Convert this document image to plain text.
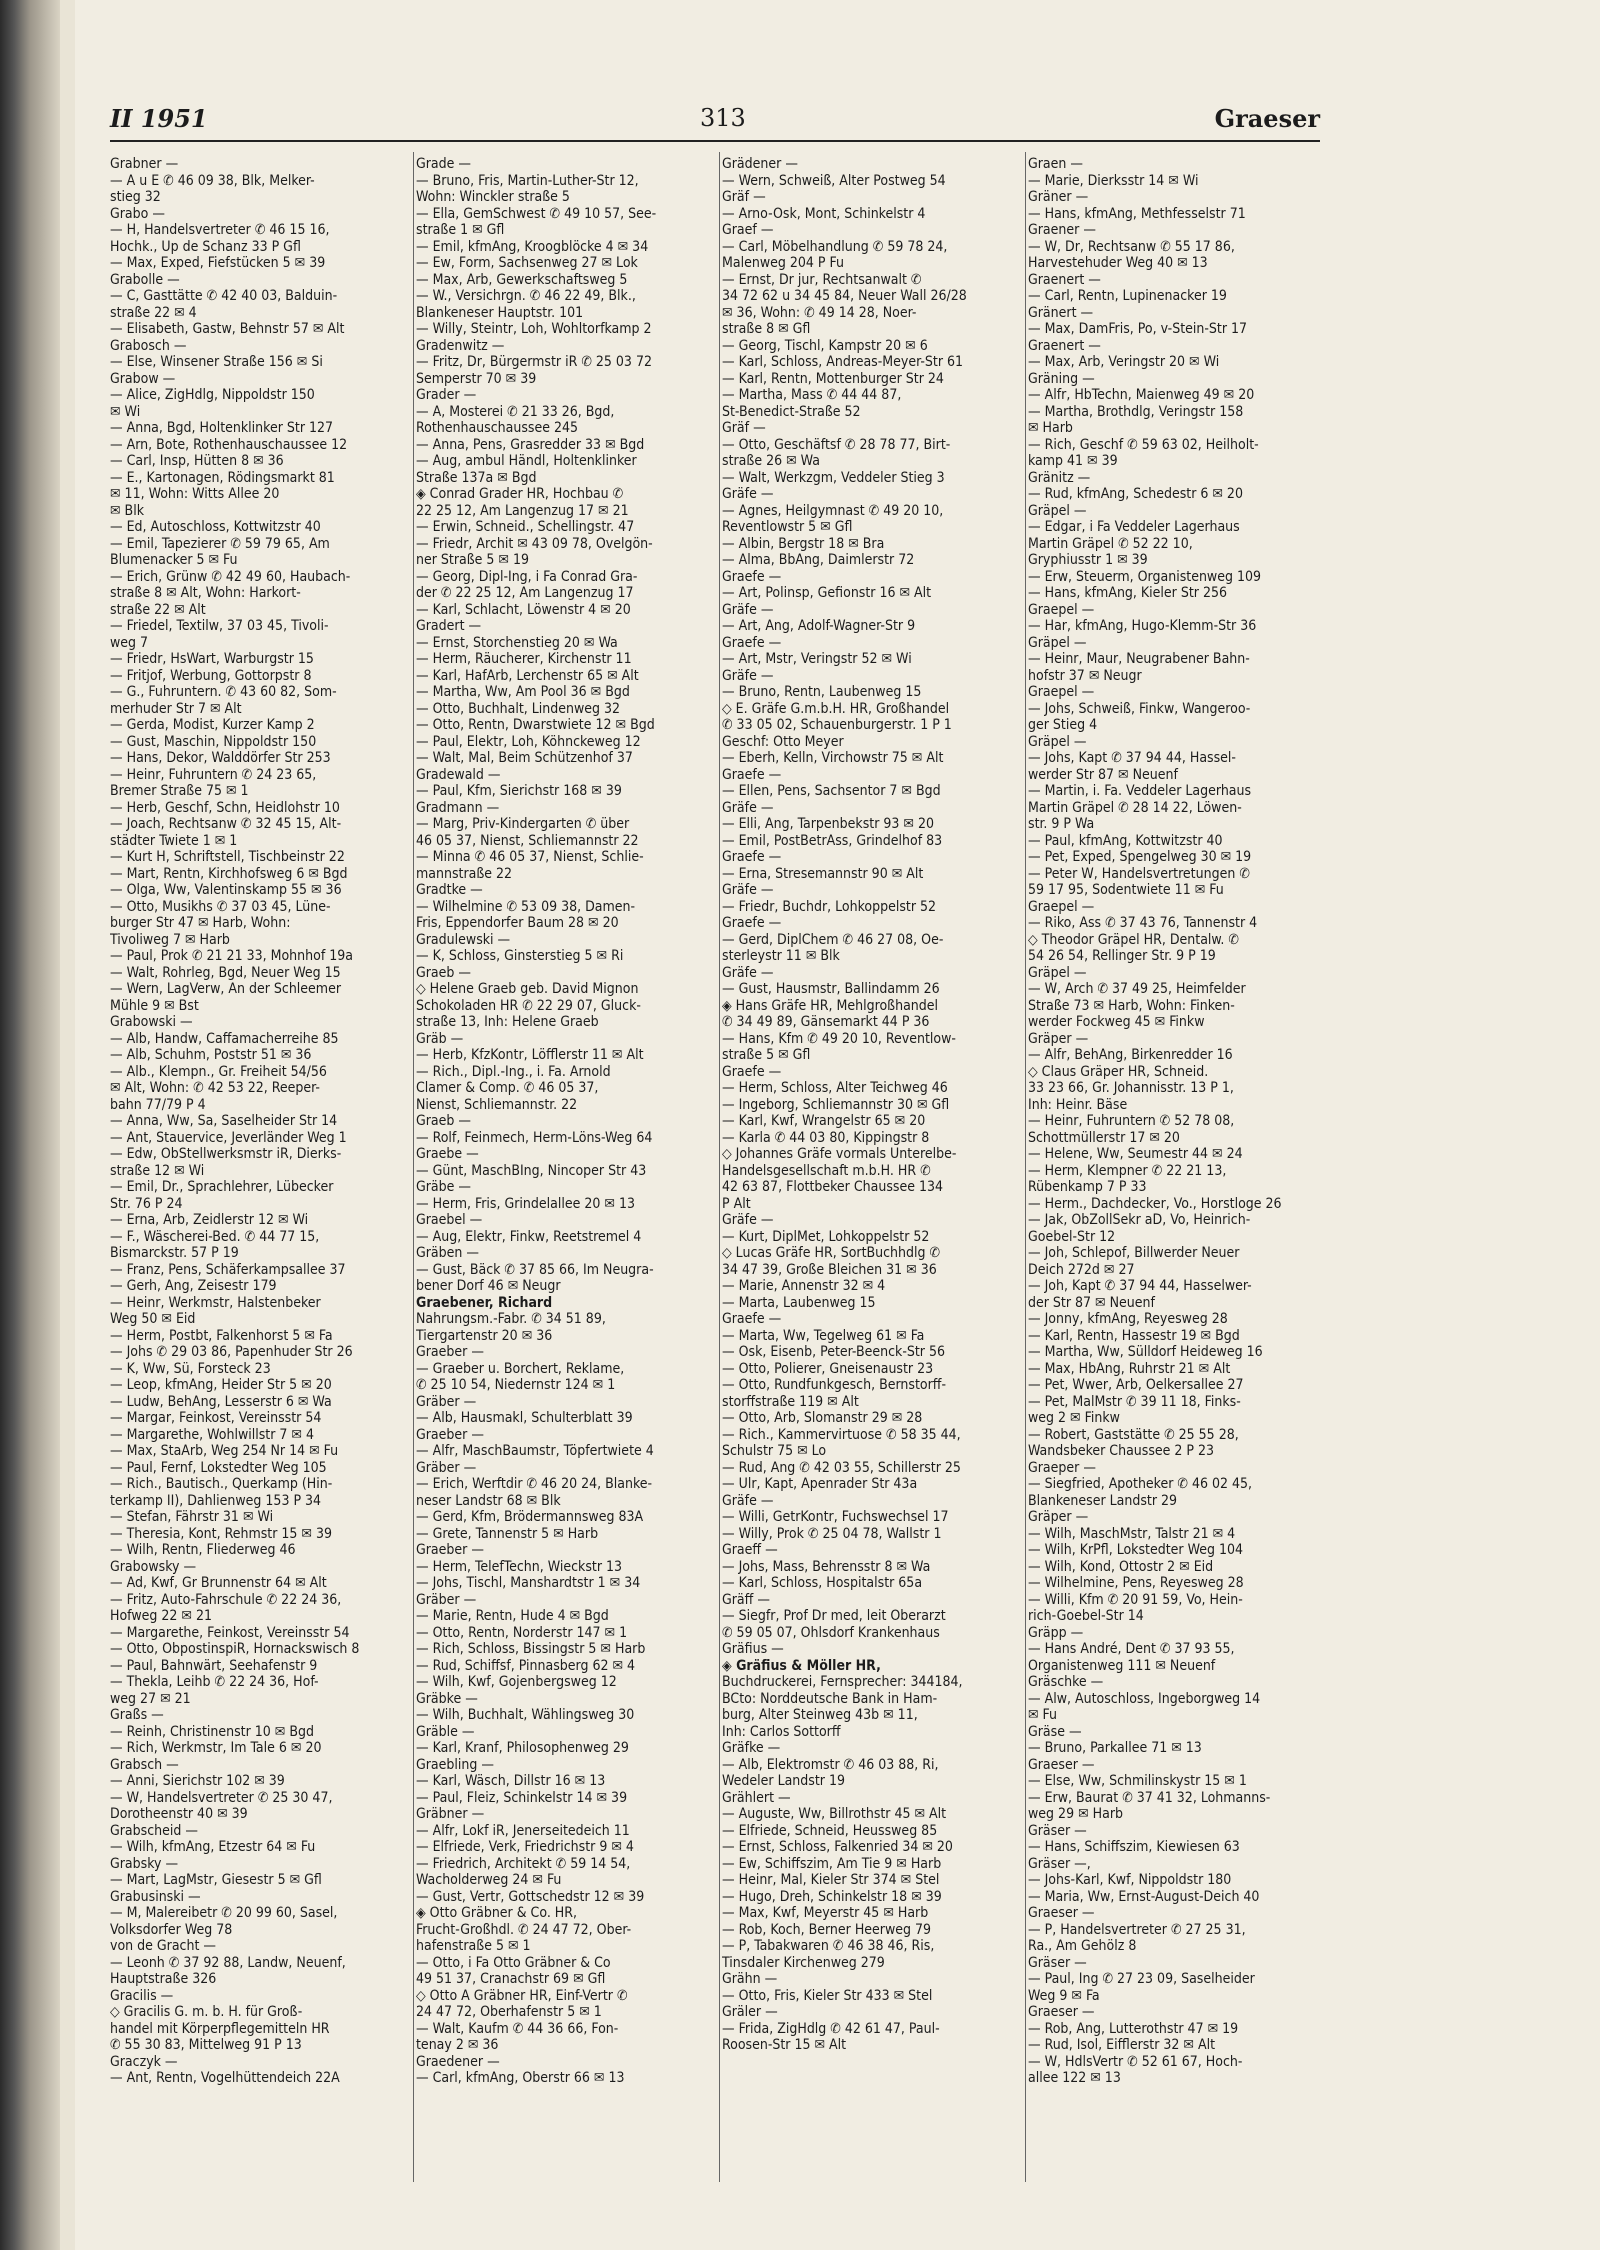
II 1951	313	Graeser
Grabner —
— A u E ✆ 46 09 38, Blk, Melker-
stieg 32
Grabo —
— H, Handelsvertreter ✆ 46 15 16,
Hochk., Up de Schanz 33 P Gfl
— Max, Exped, Fiefstücken 5 ✉ 39
Grabolle —
— C, Gasttätte ✆ 42 40 03, Balduin-
straße 22 ✉ 4
— Elisabeth, Gastw, Behnstr 57 ✉ Alt
Grabosch —
— Else, Winsener Straße 156 ✉ Si
Grabow —
— Alice, ZigHdlg, Nippoldstr 150
✉ Wi
— Anna, Bgd, Holtenklinker Str 127
— Arn, Bote, Rothenhauschaussee 12
— Carl, Insp, Hütten 8 ✉ 36
— E., Kartonagen, Rödingsmarkt 81
✉ 11, Wohn: Witts Allee 20
✉ Blk
— Ed, Autoschloss, Kottwitzstr 40
— Emil, Tapezierer ✆ 59 79 65, Am
Blumenacker 5 ✉ Fu
— Erich, Grünw ✆ 42 49 60, Haubach-
straße 8 ✉ Alt, Wohn: Harkort-
straße 22 ✉ Alt
— Friedel, Textilw, 37 03 45, Tivoli-
weg 7
— Friedr, HsWart, Warburgstr 15
— Fritjof, Werbung, Gottorpstr 8
— G., Fuhruntern. ✆ 43 60 82, Som-
merhuder Str 7 ✉ Alt
— Gerda, Modist, Kurzer Kamp 2
— Gust, Maschin, Nippoldstr 150
— Hans, Dekor, Walddörfer Str 253
— Heinr, Fuhruntern ✆ 24 23 65,
Bremer Straße 75 ✉ 1
— Herb, Geschf, Schn, Heidlohstr 10
— Joach, Rechtsanw ✆ 32 45 15, Alt-
städter Twiete 1 ✉ 1
— Kurt H, Schriftstell, Tischbeinstr 22
— Mart, Rentn, Kirchhofsweg 6 ✉ Bgd
— Olga, Ww, Valentinskamp 55 ✉ 36
— Otto, Musikhs ✆ 37 03 45, Lüne-
burger Str 47 ✉ Harb, Wohn:
Tivoliweg 7 ✉ Harb
— Paul, Prok ✆ 21 21 33, Mohnhof 19a
— Walt, Rohrleg, Bgd, Neuer Weg 15
— Wern, LagVerw, An der Schleemer
Mühle 9 ✉ Bst
Grabowski —
— Alb, Handw, Caffamacherreihe 85
— Alb, Schuhm, Poststr 51 ✉ 36
— Alb., Klempn., Gr. Freiheit 54/56
✉ Alt, Wohn: ✆ 42 53 22, Reeper-
bahn 77/79 P 4
— Anna, Ww, Sa, Saselheider Str 14
— Ant, Stauervice, Jeverländer Weg 1
— Edw, ObStellwerksmstr iR, Dierks-
straße 12 ✉ Wi
— Emil, Dr., Sprachlehrer, Lübecker
Str. 76 P 24
— Erna, Arb, Zeidlerstr 12 ✉ Wi
— F., Wäscherei-Bed. ✆ 44 77 15,
Bismarckstr. 57 P 19
— Franz, Pens, Schäferkampsallee 37
— Gerh, Ang, Zeisestr 179
— Heinr, Werkmstr, Halstenbeker
Weg 50 ✉ Eid
— Herm, Postbt, Falkenhorst 5 ✉ Fa
— Johs ✆ 29 03 86, Papenhuder Str 26
— K, Ww, Sü, Forsteck 23
— Leop, kfmAng, Heider Str 5 ✉ 20
— Ludw, BehAng, Lesserstr 6 ✉ Wa
— Margar, Feinkost, Vereinsstr 54
— Margarethe, Wohlwillstr 7 ✉ 4
— Max, StaArb, Weg 254 Nr 14 ✉ Fu
— Paul, Fernf, Lokstedter Weg 105
— Rich., Bautisch., Querkamp (Hin-
terkamp II), Dahlienweg 153 P 34
— Stefan, Fährstr 31 ✉ Wi
— Theresia, Kont, Rehmstr 15 ✉ 39
— Wilh, Rentn, Fliederweg 46
Grabowsky —
— Ad, Kwf, Gr Brunnenstr 64 ✉ Alt
— Fritz, Auto-Fahrschule ✆ 22 24 36,
Hofweg 22 ✉ 21
— Margarethe, Feinkost, Vereinsstr 54
— Otto, ObpostinspiR, Hornackswisch 8
— Paul, Bahnwärt, Seehafenstr 9
— Thekla, Leihb ✆ 22 24 36, Hof-
weg 27 ✉ 21
Graßs —
— Reinh, Christinenstr 10 ✉ Bgd
— Rich, Werkmstr, Im Tale 6 ✉ 20
Grabsch —
— Anni, Sierichstr 102 ✉ 39
— W, Handelsvertreter ✆ 25 30 47,
Dorotheenstr 40 ✉ 39
Grabscheid —
— Wilh, kfmAng, Etzestr 64 ✉ Fu
Grabsky —
— Mart, LagMstr, Giesestr 5 ✉ Gfl
Grabusinski —
— M, Malereibetr ✆ 20 99 60, Sasel,
Volksdorfer Weg 78
von de Gracht —
— Leonh ✆ 37 92 88, Landw, Neuenf,
Hauptstraße 326
Gracilis —
◇ Gracilis G. m. b. H. für Groß-
handel mit Körperpflegemitteln HR
✆ 55 30 83, Mittelweg 91 P 13
Graczyk —
— Ant, Rentn, Vogelhüttendeich 22A
Grade —
— Bruno, Fris, Martin-Luther-Str 12,
Wohn: Winckler straße 5
— Ella, GemSchwest ✆ 49 10 57, See-
straße 1 ✉ Gfl
— Emil, kfmAng, Kroogblöcke 4 ✉ 34
— Ew, Form, Sachsenweg 27 ✉ Lok
— Max, Arb, Gewerkschaftsweg 5
— W., Versichrgn. ✆ 46 22 49, Blk.,
Blankeneser Hauptstr. 101
— Willy, Steintr, Loh, Wohltorfkamp 2
Gradenwitz —
— Fritz, Dr, Bürgermstr iR ✆ 25 03 72
Semperstr 70 ✉ 39
Grader —
— A, Mosterei ✆ 21 33 26, Bgd,
Rothenhauschaussee 245
— Anna, Pens, Grasredder 33 ✉ Bgd
— Aug, ambul Händl, Holtenklinker
Straße 137a ✉ Bgd
◈ Conrad Grader HR, Hochbau ✆
22 25 12, Am Langenzug 17 ✉ 21
— Erwin, Schneid., Schellingstr. 47
— Friedr, Archit ✉ 43 09 78, Ovelgön-
ner Straße 5 ✉ 19
— Georg, Dipl-Ing, i Fa Conrad Gra-
der ✆ 22 25 12, Am Langenzug 17
— Karl, Schlacht, Löwenstr 4 ✉ 20
Gradert —
— Ernst, Storchenstieg 20 ✉ Wa
— Herm, Räucherer, Kirchenstr 11
— Karl, HafArb, Lerchenstr 65 ✉ Alt
— Martha, Ww, Am Pool 36 ✉ Bgd
— Otto, Buchhalt, Lindenweg 32
— Otto, Rentn, Dwarstwiete 12 ✉ Bgd
— Paul, Elektr, Loh, Köhnckeweg 12
— Walt, Mal, Beim Schützenhof 37
Gradewald —
— Paul, Kfm, Sierichstr 168 ✉ 39
Gradmann —
— Marg, Priv-Kindergarten ✆ über
46 05 37, Nienst, Schliemannstr 22
— Minna ✆ 46 05 37, Nienst, Schlie-
mannstraße 22
Gradtke —
— Wilhelmine ✆ 53 09 38, Damen-
Fris, Eppendorfer Baum 28 ✉ 20
Gradulewski —
— K, Schloss, Ginsterstieg 5 ✉ Ri
Graeb —
◇ Helene Graeb geb. David Mignon
Schokoladen HR ✆ 22 29 07, Gluck-
straße 13, Inh: Helene Graeb
Gräb —
— Herb, KfzKontr, Löfflerstr 11 ✉ Alt
— Rich., Dipl.-Ing., i. Fa. Arnold
Clamer & Comp. ✆ 46 05 37,
Nienst, Schliemannstr. 22
Graeb —
— Rolf, Feinmech, Herm-Löns-Weg 64
Graebe —
— Günt, MaschBIng, Nincoper Str 43
Gräbe —
— Herm, Fris, Grindelallee 20 ✉ 13
Graebel —
— Aug, Elektr, Finkw, Reetstremel 4
Gräben —
— Gust, Bäck ✆ 37 85 66, Im Neugra-
bener Dorf 46 ✉ Neugr
Graebener, Richard
Nahrungsm.-Fabr. ✆ 34 51 89,
Tiergartenstr 20 ✉ 36
Graeber —
— Graeber u. Borchert, Reklame,
✆ 25 10 54, Niedernstr 124 ✉ 1
Gräber —
— Alb, Hausmakl, Schulterblatt 39
Graeber —
— Alfr, MaschBaumstr, Töpfertwiete 4
Gräber —
— Erich, Werftdir ✆ 46 20 24, Blanke-
neser Landstr 68 ✉ Blk
— Gerd, Kfm, Brödermannsweg 83A
— Grete, Tannenstr 5 ✉ Harb
Graeber —
— Herm, TelefTechn, Wieckstr 13
— Johs, Tischl, Manshardtstr 1 ✉ 34
Gräber —
— Marie, Rentn, Hude 4 ✉ Bgd
— Otto, Rentn, Norderstr 147 ✉ 1
— Rich, Schloss, Bissingstr 5 ✉ Harb
— Rud, Schiffsf, Pinnasberg 62 ✉ 4
— Wilh, Kwf, Gojenbergsweg 12
Gräbke —
— Wilh, Buchhalt, Wählingsweg 30
Gräble —
— Karl, Kranf, Philosophenweg 29
Graebling —
— Karl, Wäsch, Dillstr 16 ✉ 13
— Paul, Fleiz, Schinkelstr 14 ✉ 39
Gräbner —
— Alfr, Lokf iR, Jenerseitedeich 11
— Elfriede, Verk, Friedrichstr 9 ✉ 4
— Friedrich, Architekt ✆ 59 14 54,
Wacholderweg 24 ✉ Fu
— Gust, Vertr, Gottschedstr 12 ✉ 39
◈ Otto Gräbner & Co. HR,
Frucht-Großhdl. ✆ 24 47 72, Ober-
hafenstraße 5 ✉ 1
— Otto, i Fa Otto Gräbner & Co
49 51 37, Cranachstr 69 ✉ Gfl
◇ Otto A Gräbner HR, Einf-Vertr ✆
24 47 72, Oberhafenstr 5 ✉ 1
— Walt, Kaufm ✆ 44 36 66, Fon-
tenay 2 ✉ 36
Graedener —
— Carl, kfmAng, Oberstr 66 ✉ 13
Grädener —
— Wern, Schweiß, Alter Postweg 54
Gräf —
— Arno-Osk, Mont, Schinkelstr 4
Graef —
— Carl, Möbelhandlung ✆ 59 78 24,
Malenweg 204 P Fu
— Ernst, Dr jur, Rechtsanwalt ✆
34 72 62 u 34 45 84, Neuer Wall 26/28
✉ 36, Wohn: ✆ 49 14 28, Noer-
straße 8 ✉ Gfl
— Georg, Tischl, Kampstr 20 ✉ 6
— Karl, Schloss, Andreas-Meyer-Str 61
— Karl, Rentn, Mottenburger Str 24
— Martha, Mass ✆ 44 44 87,
St-Benedict-Straße 52
Gräf —
— Otto, Geschäftsf ✆ 28 78 77, Birt-
straße 26 ✉ Wa
— Walt, Werkzgm, Veddeler Stieg 3
Gräfe —
— Agnes, Heilgymnast ✆ 49 20 10,
Reventlowstr 5 ✉ Gfl
— Albin, Bergstr 18 ✉ Bra
— Alma, BbAng, Daimlerstr 72
Graefe —
— Art, Polinsp, Gefionstr 16 ✉ Alt
Gräfe —
— Art, Ang, Adolf-Wagner-Str 9
Graefe —
— Art, Mstr, Veringstr 52 ✉ Wi
Gräfe —
— Bruno, Rentn, Laubenweg 15
◇ E. Gräfe G.m.b.H. HR, Großhandel
✆ 33 05 02, Schauenburgerstr. 1 P 1
Geschf: Otto Meyer
— Eberh, Kelln, Virchowstr 75 ✉ Alt
Graefe —
— Ellen, Pens, Sachsentor 7 ✉ Bgd
Gräfe —
— Elli, Ang, Tarpenbekstr 93 ✉ 20
— Emil, PostBetrAss, Grindelhof 83
Graefe —
— Erna, Stresemannstr 90 ✉ Alt
Gräfe —
— Friedr, Buchdr, Lohkoppelstr 52
Graefe —
— Gerd, DiplChem ✆ 46 27 08, Oe-
sterleystr 11 ✉ Blk
Gräfe —
— Gust, Hausmstr, Ballindamm 26
◈ Hans Gräfe HR, Mehlgroßhandel
✆ 34 49 89, Gänsemarkt 44 P 36
— Hans, Kfm ✆ 49 20 10, Reventlow-
straße 5 ✉ Gfl
Graefe —
— Herm, Schloss, Alter Teichweg 46
— Ingeborg, Schliemannstr 30 ✉ Gfl
— Karl, Kwf, Wrangelstr 65 ✉ 20
— Karla ✆ 44 03 80, Kippingstr 8
◇ Johannes Gräfe vormals Unterelbe-
Handelsgesellschaft m.b.H. HR ✆
42 63 87, Flottbeker Chaussee 134
P Alt
Gräfe —
— Kurt, DiplMet, Lohkoppelstr 52
◇ Lucas Gräfe HR, SortBuchhdlg ✆
34 47 39, Große Bleichen 31 ✉ 36
— Marie, Annenstr 32 ✉ 4
— Marta, Laubenweg 15
Graefe —
— Marta, Ww, Tegelweg 61 ✉ Fa
— Osk, Eisenb, Peter-Beenck-Str 56
— Otto, Polierer, Gneisenaustr 23
— Otto, Rundfunkgesch, Bernstorff-
storffstraße 119 ✉ Alt
— Otto, Arb, Slomanstr 29 ✉ 28
— Rich., Kammervirtuose ✆ 58 35 44,
Schulstr 75 ✉ Lo
— Rud, Ang ✆ 42 03 55, Schillerstr 25
— Ulr, Kapt, Apenrader Str 43a
Gräfe —
— Willi, GetrKontr, Fuchswechsel 17
— Willy, Prok ✆ 25 04 78, Wallstr 1
Graeff —
— Johs, Mass, Behrensstr 8 ✉ Wa
— Karl, Schloss, Hospitalstr 65a
Gräff —
— Siegfr, Prof Dr med, leit Oberarzt
✆ 59 05 07, Ohlsdorf Krankenhaus
Gräfius —
◈ Gräfius & Möller HR,
Buchdruckerei, Fernsprecher: 344184,
BCto: Norddeutsche Bank in Ham-
burg, Alter Steinweg 43b ✉ 11,
Inh: Carlos Sottorff
Gräfke —
— Alb, Elektromstr ✆ 46 03 88, Ri,
Wedeler Landstr 19
Grählert —
— Auguste, Ww, Billrothstr 45 ✉ Alt
— Elfriede, Schneid, Heussweg 85
— Ernst, Schloss, Falkenried 34 ✉ 20
— Ew, Schiffszim, Am Tie 9 ✉ Harb
— Heinr, Mal, Kieler Str 374 ✉ Stel
— Hugo, Dreh, Schinkelstr 18 ✉ 39
— Max, Kwf, Meyerstr 45 ✉ Harb
— Rob, Koch, Berner Heerweg 79
— P, Tabakwaren ✆ 46 38 46, Ris,
Tinsdaler Kirchenweg 279
Grähn —
— Otto, Fris, Kieler Str 433 ✉ Stel
Gräler —
— Frida, ZigHdlg ✆ 42 61 47, Paul-
Roosen-Str 15 ✉ Alt
Graen —
— Marie, Dierksstr 14 ✉ Wi
Gräner —
— Hans, kfmAng, Methfesselstr 71
Graener —
— W, Dr, Rechtsanw ✆ 55 17 86,
Harvestehuder Weg 40 ✉ 13
Graenert —
— Carl, Rentn, Lupinenacker 19
Gränert —
— Max, DamFris, Po, v-Stein-Str 17
Graenert —
— Max, Arb, Veringstr 20 ✉ Wi
Gräning —
— Alfr, HbTechn, Maienweg 49 ✉ 20
— Martha, Brothdlg, Veringstr 158
✉ Harb
— Rich, Geschf ✆ 59 63 02, Heilholt-
kamp 41 ✉ 39
Gränitz —
— Rud, kfmAng, Schedestr 6 ✉ 20
Gräpel —
— Edgar, i Fa Veddeler Lagerhaus
Martin Gräpel ✆ 52 22 10,
Gryphiusstr 1 ✉ 39
— Erw, Steuerm, Organistenweg 109
— Hans, kfmAng, Kieler Str 256
Graepel —
— Har, kfmAng, Hugo-Klemm-Str 36
Gräpel —
— Heinr, Maur, Neugrabener Bahn-
hofstr 37 ✉ Neugr
Graepel —
— Johs, Schweiß, Finkw, Wangeroo-
ger Stieg 4
Gräpel —
— Johs, Kapt ✆ 37 94 44, Hassel-
werder Str 87 ✉ Neuenf
— Martin, i. Fa. Veddeler Lagerhaus
Martin Gräpel ✆ 28 14 22, Löwen-
str. 9 P Wa
— Paul, kfmAng, Kottwitzstr 40
— Pet, Exped, Spengelweg 30 ✉ 19
— Peter W, Handelsvertretungen ✆
59 17 95, Sodentwiete 11 ✉ Fu
Graepel —
— Riko, Ass ✆ 37 43 76, Tannenstr 4
◇ Theodor Gräpel HR, Dentalw. ✆
54 26 54, Rellinger Str. 9 P 19
Gräpel —
— W, Arch ✆ 37 49 25, Heimfelder
Straße 73 ✉ Harb, Wohn: Finken-
werder Fockweg 45 ✉ Finkw
Gräper —
— Alfr, BehAng, Birkenredder 16
◇ Claus Gräper HR, Schneid.
33 23 66, Gr. Johannisstr. 13 P 1,
Inh: Heinr. Bäse
— Heinr, Fuhruntern ✆ 52 78 08,
Schottmüllerstr 17 ✉ 20
— Helene, Ww, Seumestr 44 ✉ 24
— Herm, Klempner ✆ 22 21 13,
Rübenkamp 7 P 33
— Herm., Dachdecker, Vo., Horstloge 26
— Jak, ObZollSekr aD, Vo, Heinrich-
Goebel-Str 12
— Joh, Schlepof, Billwerder Neuer
Deich 272d ✉ 27
— Joh, Kapt ✆ 37 94 44, Hasselwer-
der Str 87 ✉ Neuenf
— Jonny, kfmAng, Reyesweg 28
— Karl, Rentn, Hassestr 19 ✉ Bgd
— Martha, Ww, Sülldorf Heideweg 16
— Max, HbAng, Ruhrstr 21 ✉ Alt
— Pet, Wwer, Arb, Oelkersallee 27
— Pet, MalMstr ✆ 39 11 18, Finks-
weg 2 ✉ Finkw
— Robert, Gaststätte ✆ 25 55 28,
Wandsbeker Chaussee 2 P 23
Graeper —
— Siegfried, Apotheker ✆ 46 02 45,
Blankeneser Landstr 29
Gräper —
— Wilh, MaschMstr, Talstr 21 ✉ 4
— Wilh, KrPfl, Lokstedter Weg 104
— Wilh, Kond, Ottostr 2 ✉ Eid
— Wilhelmine, Pens, Reyesweg 28
— Willi, Kfm ✆ 20 91 59, Vo, Hein-
rich-Goebel-Str 14
Gräpp —
— Hans André, Dent ✆ 37 93 55,
Organistenweg 111 ✉ Neuenf
Gräschke —
— Alw, Autoschloss, Ingeborgweg 14
✉ Fu
Gräse —
— Bruno, Parkallee 71 ✉ 13
Graeser —
— Else, Ww, Schmilinskystr 15 ✉ 1
— Erw, Baurat ✆ 37 41 32, Lohmanns-
weg 29 ✉ Harb
Gräser —
— Hans, Schiffszim, Kiewiesen 63
Gräser —,
— Johs-Karl, Kwf, Nippoldstr 180
— Maria, Ww, Ernst-August-Deich 40
Graeser —
— P, Handelsvertreter ✆ 27 25 31,
Ra., Am Gehölz 8
Gräser —
— Paul, Ing ✆ 27 23 09, Saselheider
Weg 9 ✉ Fa
Graeser —
— Rob, Ang, Lutterothstr 47 ✉ 19
— Rud, Isol, Eifflerstr 32 ✉ Alt
— W, HdlsVertr ✆ 52 61 67, Hoch-
allee 122 ✉ 13
